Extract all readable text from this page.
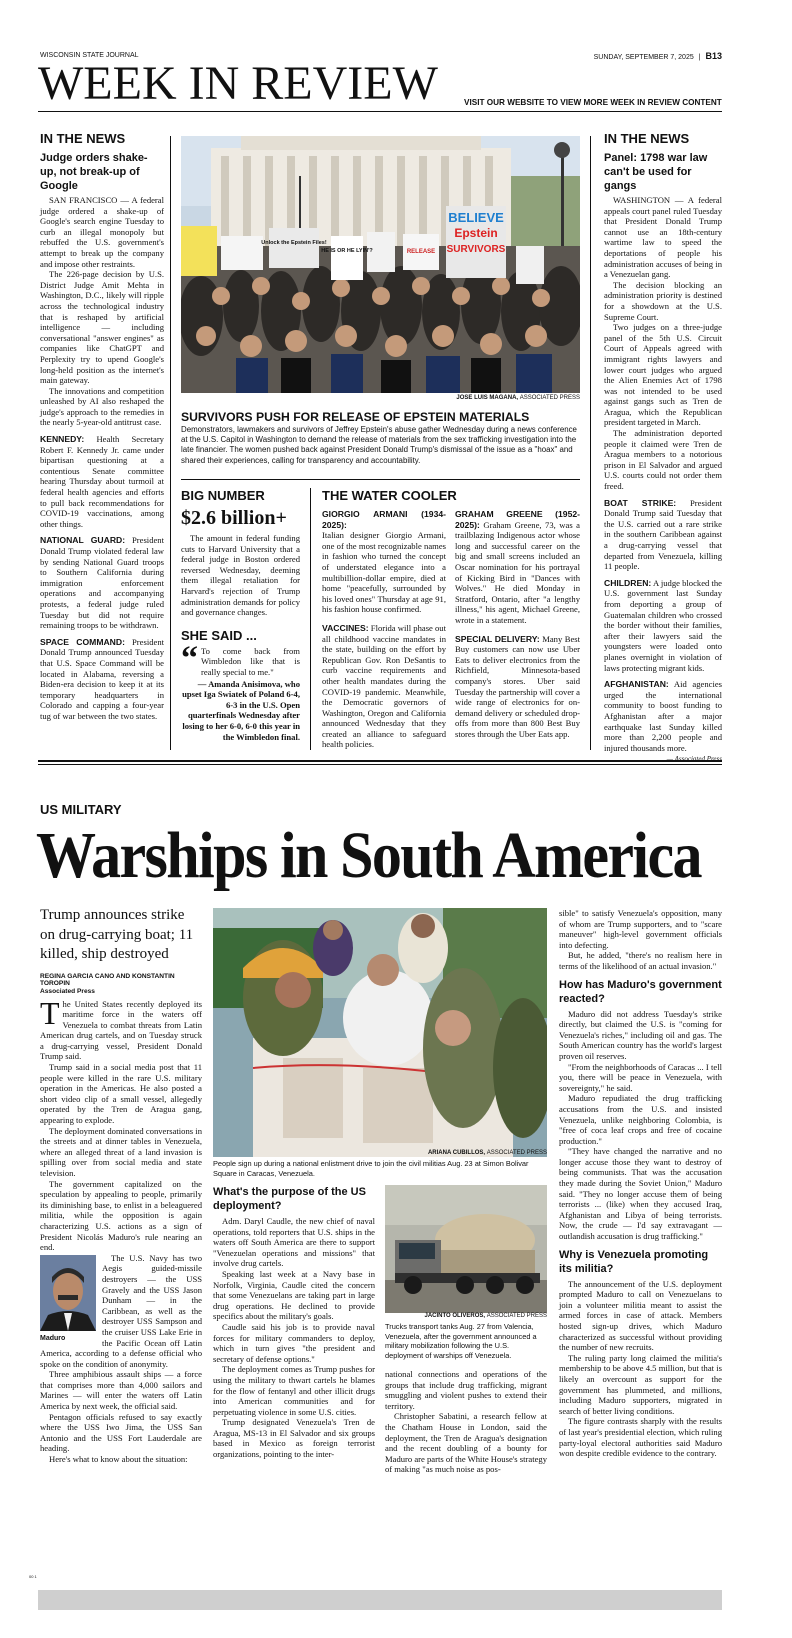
WISCONSIN STATE JOURNAL	SUNDAY, SEPTEMBER 7, 2025 | B13
WEEK IN REVIEW	VISIT OUR WEBSITE TO VIEW MORE WEEK IN REVIEW CONTENT
IN THE NEWS
Judge orders shake-up, not break-up of Google

SAN FRANCISCO — A federal judge ordered a shake-up of Google's search engine Tuesday to curb an illegal monopoly but rebuffed the U.S. government's attempt to break up the company and impose other restraints.

The 226-page decision by U.S. District Judge Amit Mehta in Washington, D.C., likely will ripple across the technological industry that is reshaped by artificial intelligence — including conversational "answer engines" as companies like ChatGPT and Perplexity try to upend Google's long-held position as the internet's main gateway.

The innovations and competition unleashed by AI also reshaped the judge's approach to the remedies in the nearly 5-year-old antitrust case.

KENNEDY: Health Secretary Robert F. Kennedy Jr. came under bipartisan questioning at a contentious Senate committee hearing Thursday about turmoil at federal health agencies and efforts to pull back recommendations for COVID-19 vaccinations, among other things.
NATIONAL GUARD: President Donald Trump violated federal law by sending National Guard troops to Southern California during immigration enforcement operations and accompanying protests, a federal judge ruled Tuesday but did not require remaining troops to be withdrawn.
SPACE COMMAND: President Donald Trump announced Tuesday that U.S. Space Command will be located in Alabama, reversing a Biden-era decision to keep it at its temporary headquarters in Colorado and capping a four-year tug of war between the two states.
BELIEVE
Epstein
SURVIVORS
Unlock the Epstein Files!
HE IS OR HE LYIN'?	RELEASE
JOSE LUIS MAGANA, ASSOCIATED PRESS
SURVIVORS PUSH FOR RELEASE OF EPSTEIN MATERIALS
Demonstrators, lawmakers and survivors of Jeffrey Epstein's abuse gather Wednesday during a news conference at the U.S. Capitol in Washington to demand the release of materials from the sex trafficking investigation into the late financier. The women pushed back against President Donald Trump's dismissal of the issue as a "hoax" and shared their experiences, calling for transparency and accountability.
BIG NUMBER
$2.6 billion+

The amount in federal funding cuts to Harvard University that a federal judge in Boston ordered reversed Wednesday, deeming them illegal retaliation for Harvard's rejection of Trump administration demands for policy and governance changes.

SHE SAID ...
“ To come back from Wimbledon like that is really special to me."
— Amanda Anisimova, who upset Iga Swiatek of Poland 6-4, 6-3 in the U.S. Open quarterfinals Wednesday after losing to her 6-0, 6-0 this year in the Wimbledon final.
THE WATER COOLER
GIORGIO ARMANI (1934-2025):
Italian designer Giorgio Armani, one of the most recognizable names in fashion who turned the concept of understated elegance into a multibillion-dollar empire, died at home "peacefully, surrounded by his loved ones" Thursday at age 91, his fashion house confirmed.
VACCINES: Florida will phase out all childhood vaccine mandates in the state, building on the effort by Republican Gov. Ron DeSantis to curb vaccine requirements and other health mandates during the COVID-19 pandemic. Meanwhile, the Democratic governors of Washington, Oregon and California announced Wednesday that they created an alliance to safeguard health policies.
GRAHAM GREENE (1952-2025): Graham Greene, 73, was a trailblazing Indigenous actor whose long and successful career on the big and small screens included an Oscar nomination for his portrayal of Kicking Bird in "Dances with Wolves." He died Monday in Stratford, Ontario, after "a lengthy illness," his agent, Michael Greene, wrote in a statement.
SPECIAL DELIVERY: Many Best Buy customers can now use Uber Eats to deliver electronics from the Richfield, Minnesota-based company's stores. Uber said Tuesday the partnership will cover a wide range of electronics for on-demand delivery or scheduled drop-offs from more than 800 Best Buy stores through the Uber Eats app.
IN THE NEWS
Panel: 1798 war law can't be used for gangs

WASHINGTON — A federal appeals court panel ruled Tuesday that President Donald Trump cannot use an 18th-century wartime law to speed the deportations of people his administration accuses of being in a Venezuelan gang.

The decision blocking an administration priority is destined for a showdown at the U.S. Supreme Court.

Two judges on a three-judge panel of the 5th U.S. Circuit Court of Appeals agreed with immigrant rights lawyers and lower court judges who argued the Alien Enemies Act of 1798 was not intended to be used against gangs such as Tren de Aragua, which the Republican president targeted in March.

The administration deported people it claimed were Tren de Aragua members to a notorious prison in El Salvador and argued U.S. courts could not order them freed.

BOAT STRIKE: President Donald Trump said Tuesday that the U.S. carried out a rare strike in the southern Caribbean against a drug-carrying vessel that departed from Venezuela, killing 11 people.
CHILDREN: A judge blocked the U.S. government last Sunday from deporting a group of Guatemalan children who crossed the border without their families, after their lawyers said the youngsters were loaded onto planes overnight in violation of laws protecting migrant kids.
AFGHANISTAN: Aid agencies urged the international community to boost funding to Afghanistan after a major earthquake last Sunday killed more than 2,200 people and injured thousands more.
US MILITARY
Warships in South America
Trump announces strike on drug-carrying boat; 11 killed, ship destroyed
REGINA GARCIA CANO AND KONSTANTIN TOROPIN
Associated Press

The United States recently deployed its maritime force in the waters off Venezuela to combat threats from Latin American drug cartels, and on Tuesday struck a drug-carrying vessel, President Donald Trump said.

Trump said in a social media post that 11 people were killed in the rare U.S. military operation in the Americas. He also posted a short video clip of a small vessel, allegedly operated by the Tren de Aragua gang, appearing to explode.

The deployment dominated conversations in the streets and at dinner tables in Venezuela, where an alleged threat of a land invasion is spilling over from social media and state television.

The government capitalized on the speculation by appealing to people, primarily its diminishing base, to enlist in a beleaguered militia, while the opposition is again characterizing U.S. actions as a sign of President Nicolás Maduro's rule nearing an end.

Maduro

The U.S. Navy has two Aegis guided-missile destroyers — the USS Gravely and the USS Jason Dunham — in the Caribbean, as well as the destroyer USS Sampson and the cruiser USS Lake Erie in the Pacific Ocean off Latin America, according to a defense official who spoke on the condition of anonymity.

Three amphibious assault ships — a force that comprises more than 4,000 sailors and Marines — will enter the waters off Latin America by next week, the official said.

Pentagon officials refused to say exactly where the USS Iwo Jima, the USS San Antonio and the USS Fort Lauderdale are heading.

Here's what to know about the situation:

ARIANA CUBILLOS, ASSOCIATED PRESS
People sign up during a national enlistment drive to join the civil militias Aug. 23 at Simon Bolivar Square in Caracas, Venezuela.
What's the purpose of the US deployment?

Adm. Daryl Caudle, the new chief of naval operations, told reporters that U.S. ships in the waters off South America are there to support "Venezuelan operations and missions" that involve drug cartels.

Speaking last week at a Navy base in Norfolk, Virginia, Caudle cited the concern that some Venezuelans are taking part in large drug operations. He declined to provide specifics about the military's goals.

Caudle said his job is to provide naval forces for military commanders to deploy, which in turn gives "the president and secretary of defense options."

The deployment comes as Trump pushes for using the military to thwart cartels he blames for the flow of fentanyl and other illicit drugs into American communities and for perpetuating violence in some U.S. cities.

Trump designated Venezuela's Tren de Aragua, MS-13 in El Salvador and six groups based in Mexico as foreign terrorist organizations, pointing to the inter-

JACINTO OLIVEROS, ASSOCIATED PRESS
Trucks transport tanks Aug. 27 from Valencia, Venezuela, after the government announced a military mobilization following the U.S. deployment of warships off Venezuela.

national connections and operations of the groups that include drug trafficking, migrant smuggling and violent pushes to extend their territory.

Christopher Sabatini, a research fellow at the Chatham House in London, said the deployment, the Tren de Aragua's designation and the recent doubling of a bounty for Maduro are parts of the White House's strategy of making "as much noise as pos-

sible" to satisfy Venezuela's opposition, many of whom are Trump supporters, and to "scare maneuver" high-level government officials into defecting.

But, he added, "there's no realism here in terms of the likelihood of an actual invasion."

How has Maduro's government reacted?

Maduro did not address Tuesday's strike directly, but claimed the U.S. is "coming for Venezuela's riches," including oil and gas. The South American country has the world's largest proven oil reserves.

"From the neighborhoods of Caracas ... I tell you, there will be peace in Venezuela, with sovereignty," he said.

Maduro repudiated the drug trafficking accusations from the U.S. and insisted Venezuela, unlike neighboring Colombia, is "free of coca leaf crops and free of cocaine production."

"They have changed the narrative and no longer accuse those they want to destroy of being communists. That was the accusation they made during the Soviet Union," Maduro said. "They no longer accuse them of being terrorists ... (like) when they accused Iraq, Afghanistan and Libya of being terrorists. Now, the crude — I'd say extravagant — outlandish accusation is drug trafficking."

Why is Venezuela promoting its militia?

The announcement of the U.S. deployment prompted Maduro to call on Venezuelans to join a volunteer militia meant to assist the armed forces in case of attack. Members hosted sign-up drives, which Maduro characterized as successful without providing the number of new recruits.

The ruling party long claimed the militia's membership to be above 4.5 million, but that is likely an overcount as support for the government has plummeted, and millions, including Maduro supporters, migrated in search of better living conditions.

The figure contrasts sharply with the results of last year's presidential election, which ruling party-loyal electoral authorities said Maduro won despite credible evidence to the contrary.

00 1
